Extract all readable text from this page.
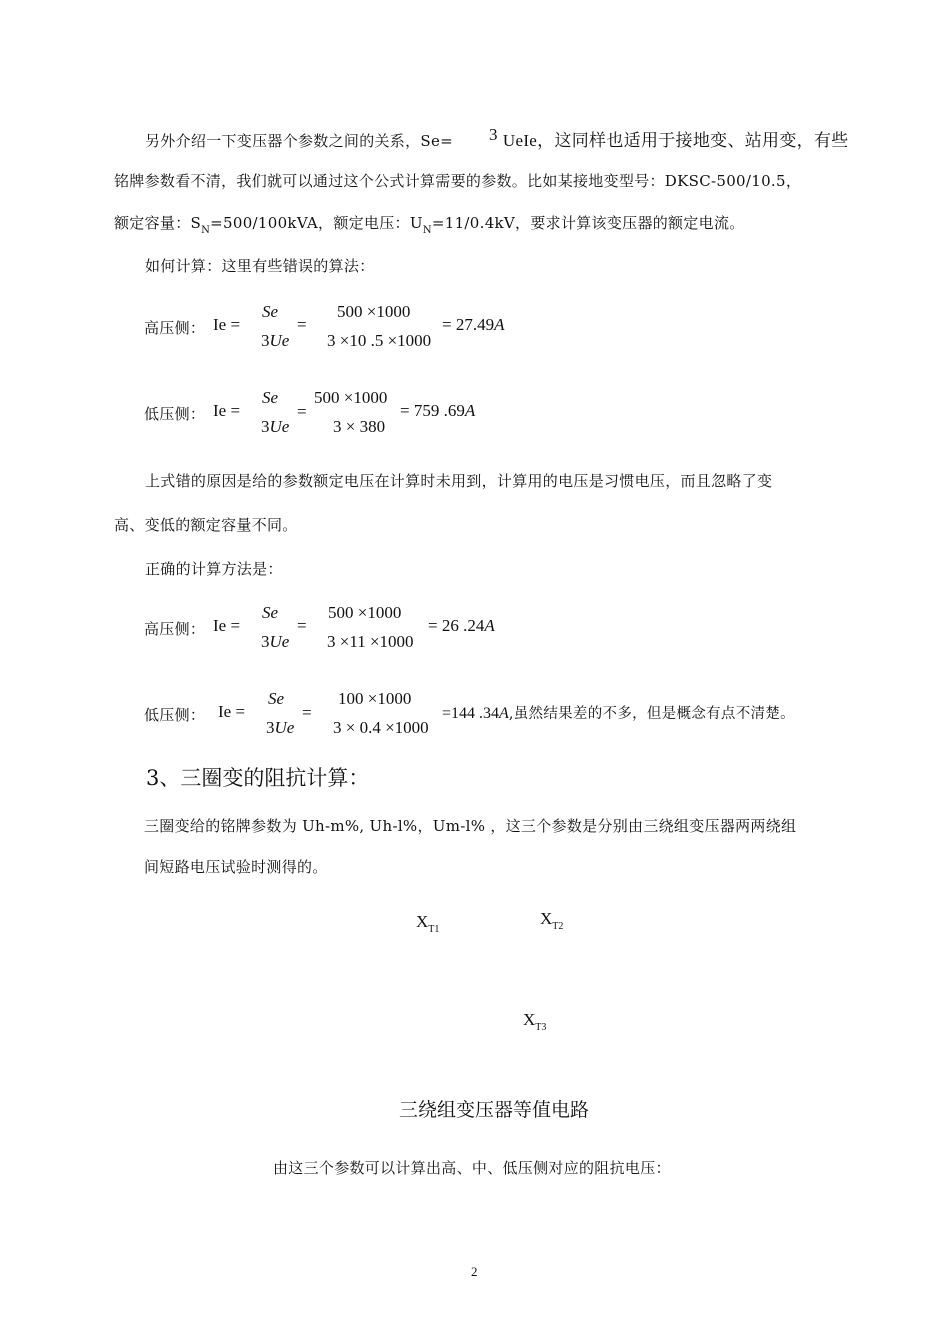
另外介绍一下变压器个参数之间的关系，Se= 3 UeIe，这同样也适用于接地变、站用变，有些
铭牌参数看不清，我们就可以通过这个公式计算需要的参数。比如某接地变型号：DKSC-500/10.5，
额定容量：$S_N=500/100kVA$，额定电压：$U_N=11/0.4kV$，要求计算该变压器的额定电流。
如何计算：这里有些错误的算法：
高压侧： Ie =
Se
3Ue
=
500 ×1000
3 ×10 .5 ×1000
= 27.49A
低压侧： Ie =
Se
3Ue
=
500 ×1000
3 × 380
= 759 .69A
上式错的原因是给的参数额定电压在计算时未用到，计算用的电压是习惯电压，而且忽略了变
高、变低的额定容量不同。
正确的计算方法是：
高压侧： Ie =
Se
3Ue
=
500 ×1000
3 ×11 ×1000
= 26 .24A
低压侧： Ie =
Se
3Ue
=
100 ×1000
3 × 0.4 ×1000
=144 .34A,虽然结果差的不多，但是概念有点不清楚。
3、三圈变的阻抗计算：
三圈变给的铭牌参数为 Uh-m%, Uh-l%，Um-l% ，这三个参数是分别由三绕组变压器两两绕组
间短路电压试验时测得的。
$X_{T1}$
$X_{T2}$
$X_{T3}$
三绕组变压器等值电路
由这三个参数可以计算出高、中、低压侧对应的阻抗电压：
2
